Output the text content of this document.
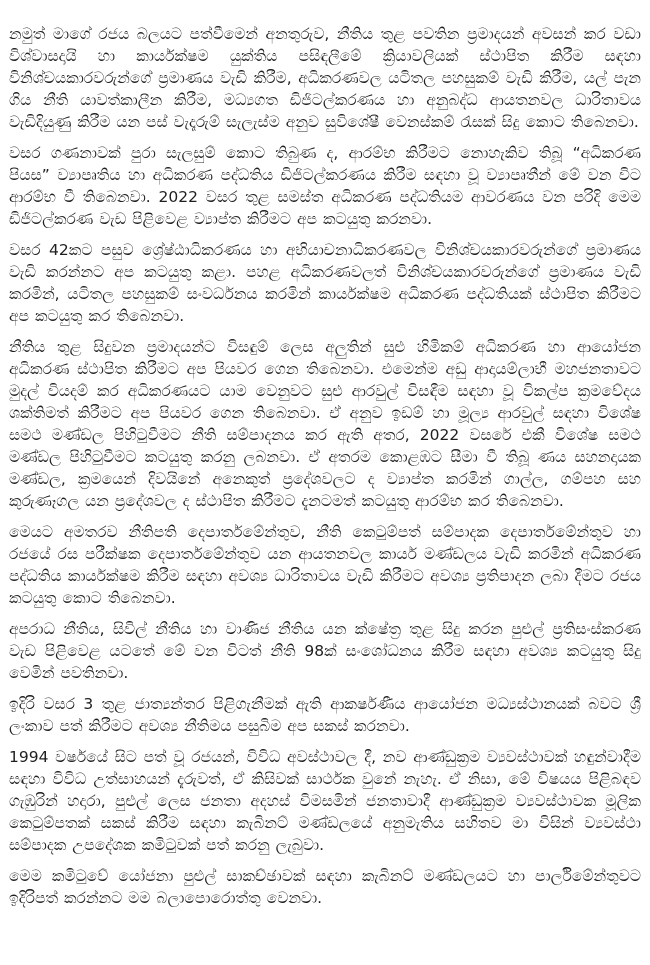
නමුත් මාගේ රජය බලයට පත්වීමෙන් අනතුරුව, නීතිය තුළ පවතින ප්‍රමාදයන් අවසන් කර වඩා විශ්වාසදායි හා කාර්යක්ෂම යුක්තිය පසිඳලීමේ ක්‍රියාවලියක් ස්ථාපිත කිරීම සඳහා විනිශ්චයකාරවරුන්ගේ ප්‍රමාණය වැඩි කිරීම, අධිකරණවල යටිතල පහසුකම් වැඩි කිරීම, යල් පැන ගිය නීති යාවත්කාලීන කිරීම, මධ්‍යගත ඩිජිටල්කරණය හා අනුබද්ධ ආයතනවල ධාරිතාවය වැඩිදියුණු කිරීම යන පස් වැදෑරුම් සැලැස්ම අනුව සුවිශේෂී වෙනස්කම් රැසක් සිදු කොට තිබෙනවා.

වසර ගණනාවක් පුරා සැලසුම් කොට තිබුණ ද, ආරම්භ කිරීමට නොහැකිව තිබූ “අධිකරණ පියස” ව්‍යාපෘතිය හා අධිකරණ පද්ධතිය ඩිජිටල්කරණය කිරීම සඳහා වූ ව්‍යාපෘතීන් මේ වන විට ආරම්භ වී තිබෙනවා. 2022 වසර තුළ සමස්ත අධිකරණ පද්ධතියම ආවරණය වන පරිදි මෙම ඩිජිටල්කරණ වැඩ පිළිවෙළ ව්‍යාප්ත කිරීමට අප කටයුතු කරනවා.

වසර 42කට පසුව ශ්‍රේෂ්ඨාධිකරණය හා අභියාචනාධිකරණවල විනිශ්චයකාරවරුන්ගේ ප්‍රමාණය වැඩි කරන්නට අප කටයුතු කළා. පහළ අධිකරණවලත් විනිශ්චයකාරවරුන්ගේ ප්‍රමාණය වැඩි කරමින්, යටිතල පහසුකම් සංවර්ධනය කරමින් කාර්යක්ෂම අධිකරණ පද්ධතියක් ස්ථාපිත කිරීමට අප කටයුතු කර තිබෙනවා.

නීතිය තුළ සිදුවන ප්‍රමාදයන්ට විසඳුම් ලෙස අලුතින් සුළු හිමිකම් අධිකරණ හා ආයෝජන අධිකරණ ස්ථාපිත කිරීමට අප පියවර ගෙන තිබෙනවා. එමෙන්ම අඩු ආදායම්ලාභී මහජනතාවට මුදල් වියදම් කර අධිකරණයට යාම වෙනුවට සුළු ආරවුල් විසඳීම සඳහා වූ විකල්ප ක්‍රමවේදය ශක්තිමත් කිරීමට අප පියවර ගෙන තිබෙනවා. ඒ අනුව ඉඩම් හා මූල්‍ය ආරවුල් සඳහා විශේෂ සමථ මණ්ඩල පිහිටුවීමට නීති සම්පාදනය කර ඇති අතර, 2022 වසරේ එකී විශේෂ සමථ මණ්ඩල පිහිටුවීමට කටයුතු කරනු ලබනවා. ඒ අතරම කොළඹට සීමා වී තිබූ ණය සහනදායක මණ්ඩල, ක්‍රමයෙන් දිවයිනේ අනෙකුත් ප්‍රදේශවලට ද ව්‍යාප්ත කරමින් ගාල්ල, ගම්පහ සහ කුරුණෑගල යන ප්‍රදේශවල ද ස්ථාපිත කිරීමට දැනටමත් කටයුතු ආරම්භ කර තිබෙනවා.

මෙයට අමතරව නීතිපති දෙපාර්තමේන්තුව, නීති කෙටුම්පත් සම්පාදක දෙපාර්තමේන්තුව හා රජයේ රස පරීක්ෂක දෙපාර්තමේන්තුව යන ආයතනවල කාර්ය මණ්ඩලය වැඩි කරමින් අධිකරණ පද්ධතිය කාර්යක්ෂම කිරීම සඳහා අවශ්‍ය ධාරිතාවය වැඩි කිරීමට අවශ්‍ය ප්‍රතිපාදන ලබා දීමට රජය කටයුතු කොට තිබෙනවා.

අපරාධ නීතිය, සිවිල් නීතිය හා වාණිජ නීතිය යන ක්ෂේත්‍ර තුළ සිදු කරන පුළුල් ප්‍රතිසංස්කරණ වැඩ පිළිවෙළ යටතේ මේ වන විටත් නීති 98ක් සංශෝධනය කිරීම සඳහා අවශ්‍ය කටයුතු සිදු වෙමින් පවතිනවා.

ඉදිරි වසර 3 තුළ ජාත්‍යන්තර පිළිගැනීමක් ඇති ආකර්ෂණීය ආයෝජන මධ්‍යස්ථානයක් බවට ශ්‍රී ලංකාව පත් කිරීමට අවශ්‍ය නීතිමය පසුබිම අප සකස් කරනවා.

1994 වර්ෂයේ සිට පත් වූ රජයන්, විවිධ අවස්ථාවල දී, නව ආණ්ඩුක්‍රම ව්‍යවස්ථාවක් හඳුන්වාදීම සඳහා විවිධ උත්සාහයන් දැරුවත්, ඒ කිසිවක් සාර්ථක වුනේ නැහැ. ඒ නිසා, මේ විෂයය පිළිබඳව ගැඹුරින් හදාරා, පුළුල් ලෙස ජනතා අදහස් විමසමින් ජනතාවාදී ආණ්ඩුක්‍රම ව්‍යවස්ථාවක මූලික කෙටුම්පතක් සකස් කිරීම සඳහා කැබිනට් මණ්ඩලයේ අනුමැතිය සහිතව මා විසින් ව්‍යවස්ථා සම්පාදක උපදේශක කමිටුවක් පත් කරනු ලැබුවා.

මෙම කමිටුවේ යෝජනා පුළුල් සාකච්ඡාවක් සඳහා කැබිනට් මණ්ඩලයට හා පාර්ලිමේන්තුවට ඉදිරිපත් කරන්නට මම බලාපොරොත්තු වෙනවා.
